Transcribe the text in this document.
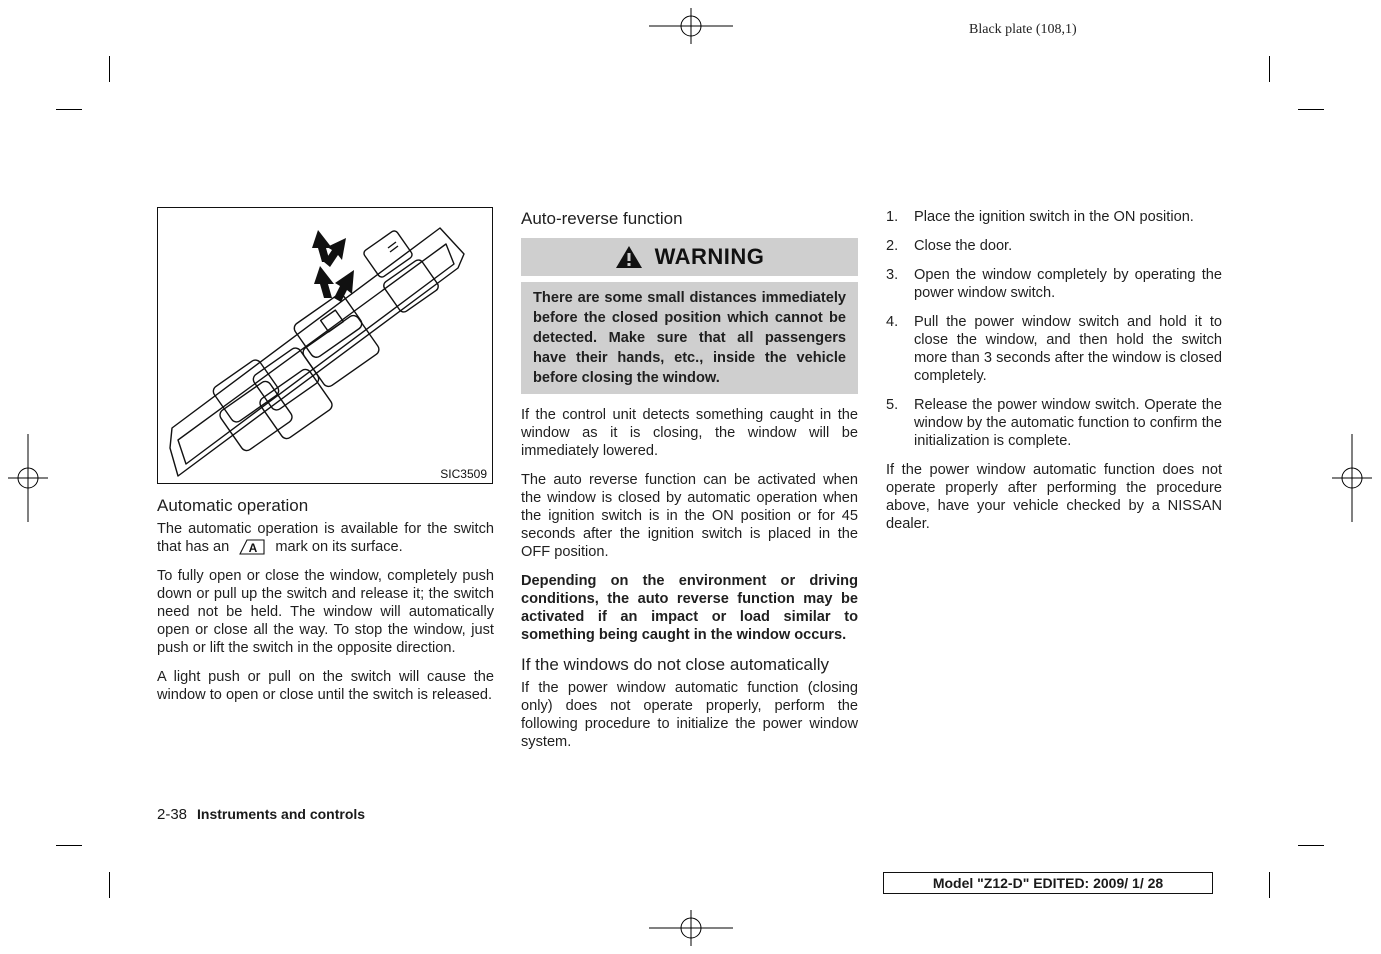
Black plate (108,1)
SIC3509
Automatic operation

The automatic operation is available for the switch that has an A mark on its surface.

To fully open or close the window, completely push down or pull up the switch and release it; the switch need not be held. The window will automatically open or close all the way. To stop the window, just push or lift the switch in the opposite direction.

A light push or pull on the switch will cause the window to open or close until the switch is released.

Auto-reverse function
WARNING
There are some small distances immediately before the closed position which cannot be detected. Make sure that all passengers have their hands, etc., inside the vehicle before closing the window.

If the control unit detects something caught in the window as it is closing, the window will be immediately lowered.

The auto reverse function can be activated when the window is closed by automatic operation when the ignition switch is in the ON position or for 45 seconds after the ignition switch is placed in the OFF position.

Depending on the environment or driving conditions, the auto reverse function may be activated if an impact or load similar to something being caught in the window occurs.

If the windows do not close automatically

If the power window automatic function (closing only) does not operate properly, perform the following procedure to initialize the power window system.

1. Place the ignition switch in the ON position.
2. Close the door.
3. Open the window completely by operating the power window switch.
4. Pull the power window switch and hold it to close the window, and then hold the switch more than 3 seconds after the window is closed completely.
5. Release the power window switch. Operate the window by the automatic function to confirm the initialization is complete.

If the power window automatic function does not operate properly after performing the procedure above, have your vehicle checked by a NISSAN dealer.

2-38 Instruments and controls
Model "Z12-D" EDITED: 2009/ 1/ 28
